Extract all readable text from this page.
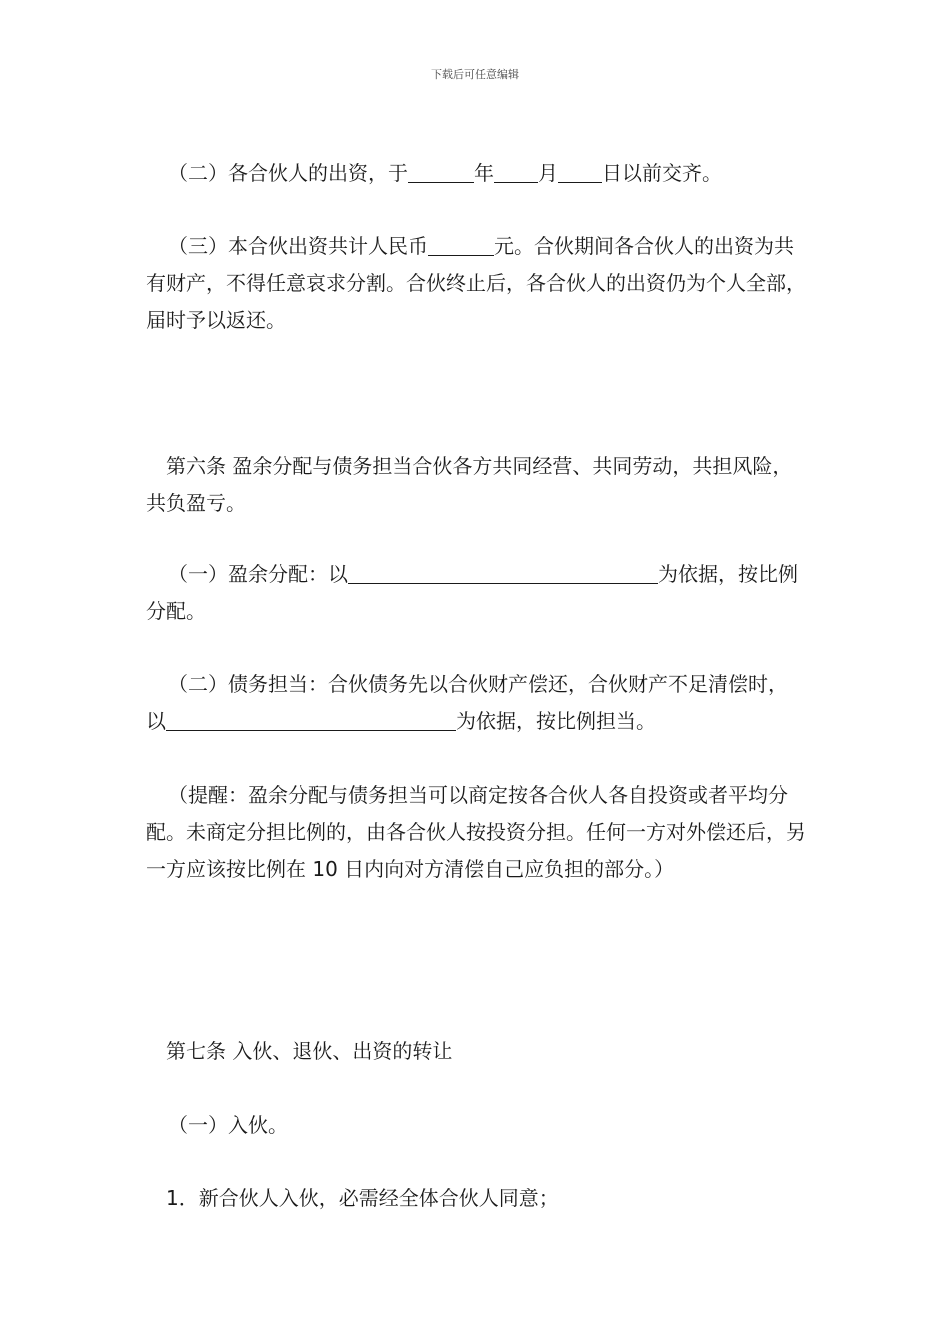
下载后可任意编辑

（二）各合伙人的出资，于	年 月 日以前交齐。

（三）本合伙出资共计人民币	元。合伙期间各合伙人的出资为共有财产，不得任意哀求分割。合伙终止后，各合伙人的出资仍为个人全部，届时予以返还。

第六条 盈余分配与债务担当合伙各方共同经营、共同劳动，共担风险，共负盈亏。

（一）盈余分配：以	为依据，按比例分配。

（二）债务担当：合伙债务先以合伙财产偿还，合伙财产不足清偿时，以	为依据，按比例担当。

（提醒：盈余分配与债务担当可以商定按各合伙人各自投资或者平均分配。未商定分担比例的，由各合伙人按投资分担。任何一方对外偿还后，另一方应该按比例在 10 日内向对方清偿自己应负担的部分。）

第七条 入伙、退伙、出资的转让

（一）入伙。

1．新合伙人入伙，必需经全体合伙人同意；
